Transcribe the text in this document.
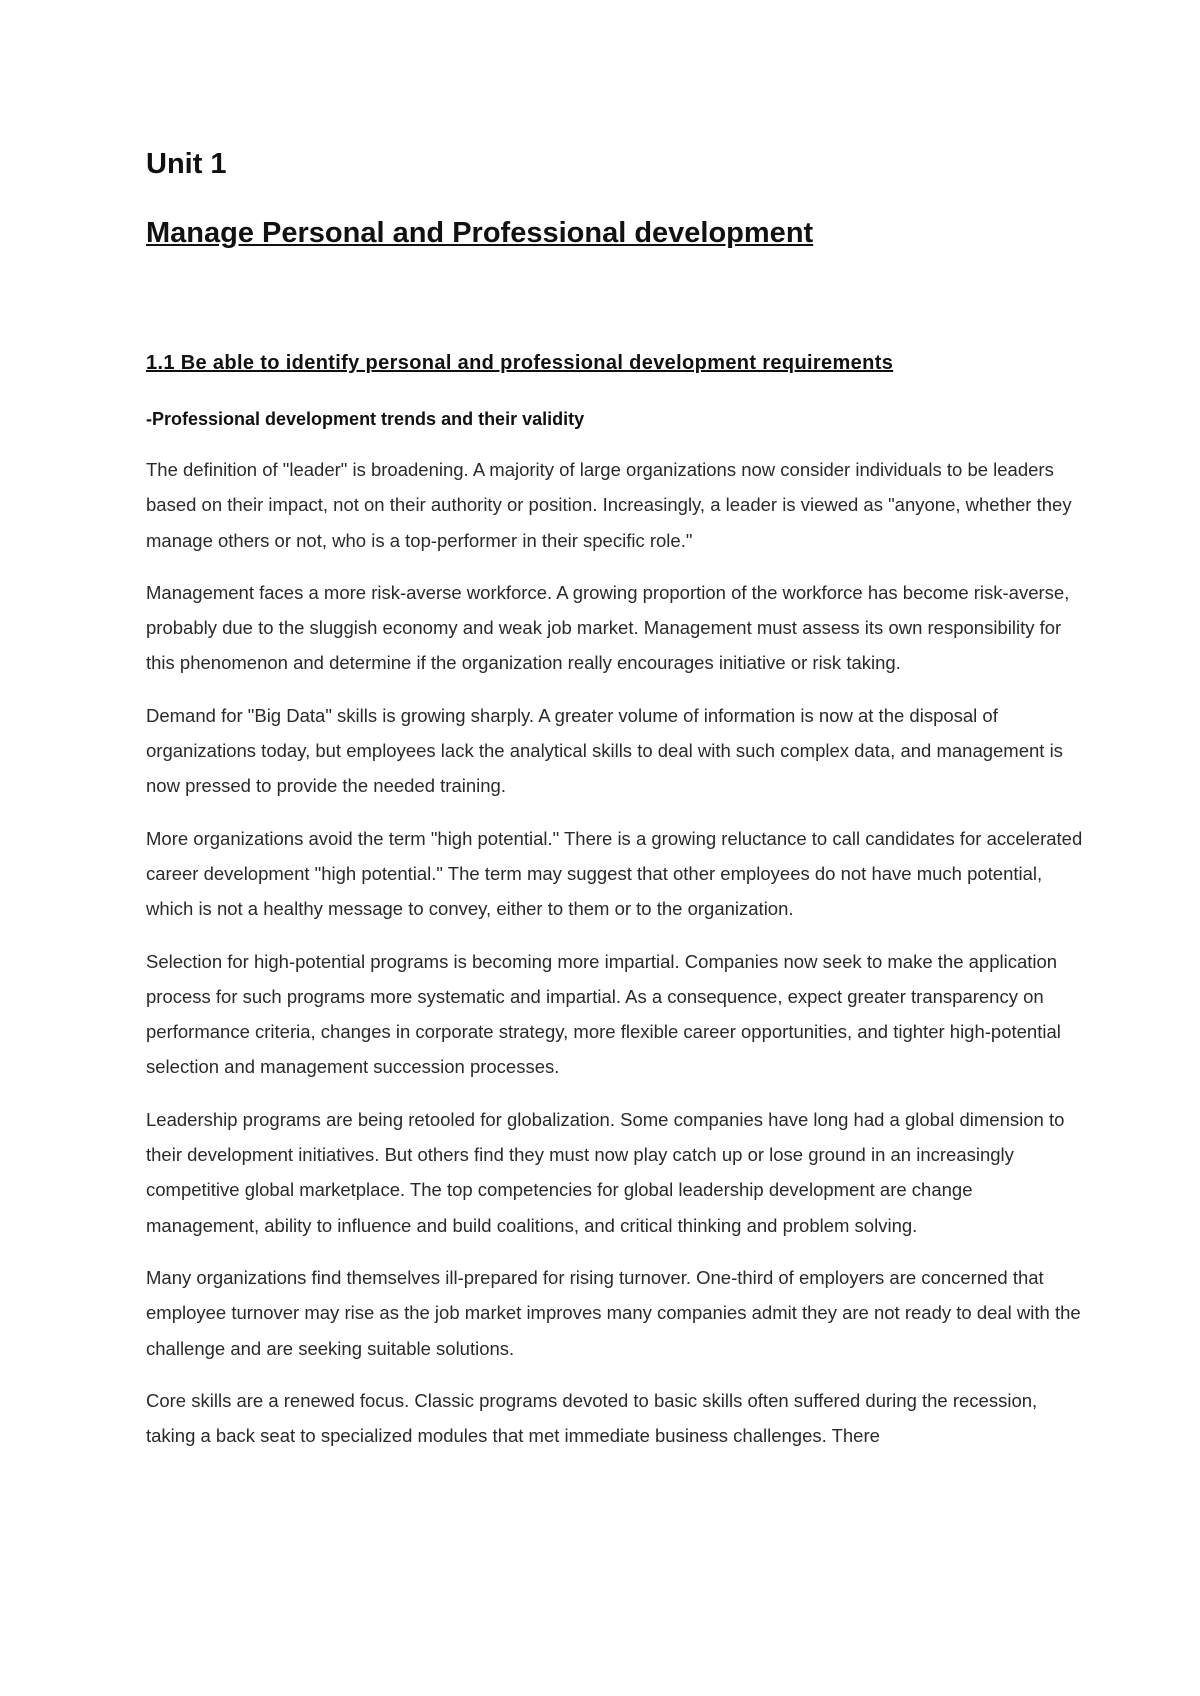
Unit 1
Manage Personal and Professional development
1.1 Be able to identify personal and professional development requirements
-Professional development trends and their validity

The definition of "leader" is broadening. A majority of large organizations now consider individuals to be leaders based on their impact, not on their authority or position. Increasingly, a leader is viewed as "anyone, whether they manage others or not, who is a top-performer in their specific role."

Management faces a more risk-averse workforce. A growing proportion of the workforce has become risk-averse, probably due to the sluggish economy and weak job market. Management must assess its own responsibility for this phenomenon and determine if the organization really encourages initiative or risk taking.

Demand for "Big Data" skills is growing sharply. A greater volume of information is now at the disposal of organizations today, but employees lack the analytical skills to deal with such complex data, and management is now pressed to provide the needed training.

More organizations avoid the term "high potential." There is a growing reluctance to call candidates for accelerated career development "high potential." The term may suggest that other employees do not have much potential, which is not a healthy message to convey, either to them or to the organization.

Selection for high-potential programs is becoming more impartial. Companies now seek to make the application process for such programs more systematic and impartial. As a consequence, expect greater transparency on performance criteria, changes in corporate strategy, more flexible career opportunities, and tighter high-potential selection and management succession processes.

Leadership programs are being retooled for globalization. Some companies have long had a global dimension to their development initiatives. But others find they must now play catch up or lose ground in an increasingly competitive global marketplace. The top competencies for global leadership development are change management, ability to influence and build coalitions, and critical thinking and problem solving.

Many organizations find themselves ill-prepared for rising turnover. One-third of employers are concerned that employee turnover may rise as the job market improves many companies admit they are not ready to deal with the challenge and are seeking suitable solutions.

Core skills are a renewed focus. Classic programs devoted to basic skills often suffered during the recession, taking a back seat to specialized modules that met immediate business challenges. There
